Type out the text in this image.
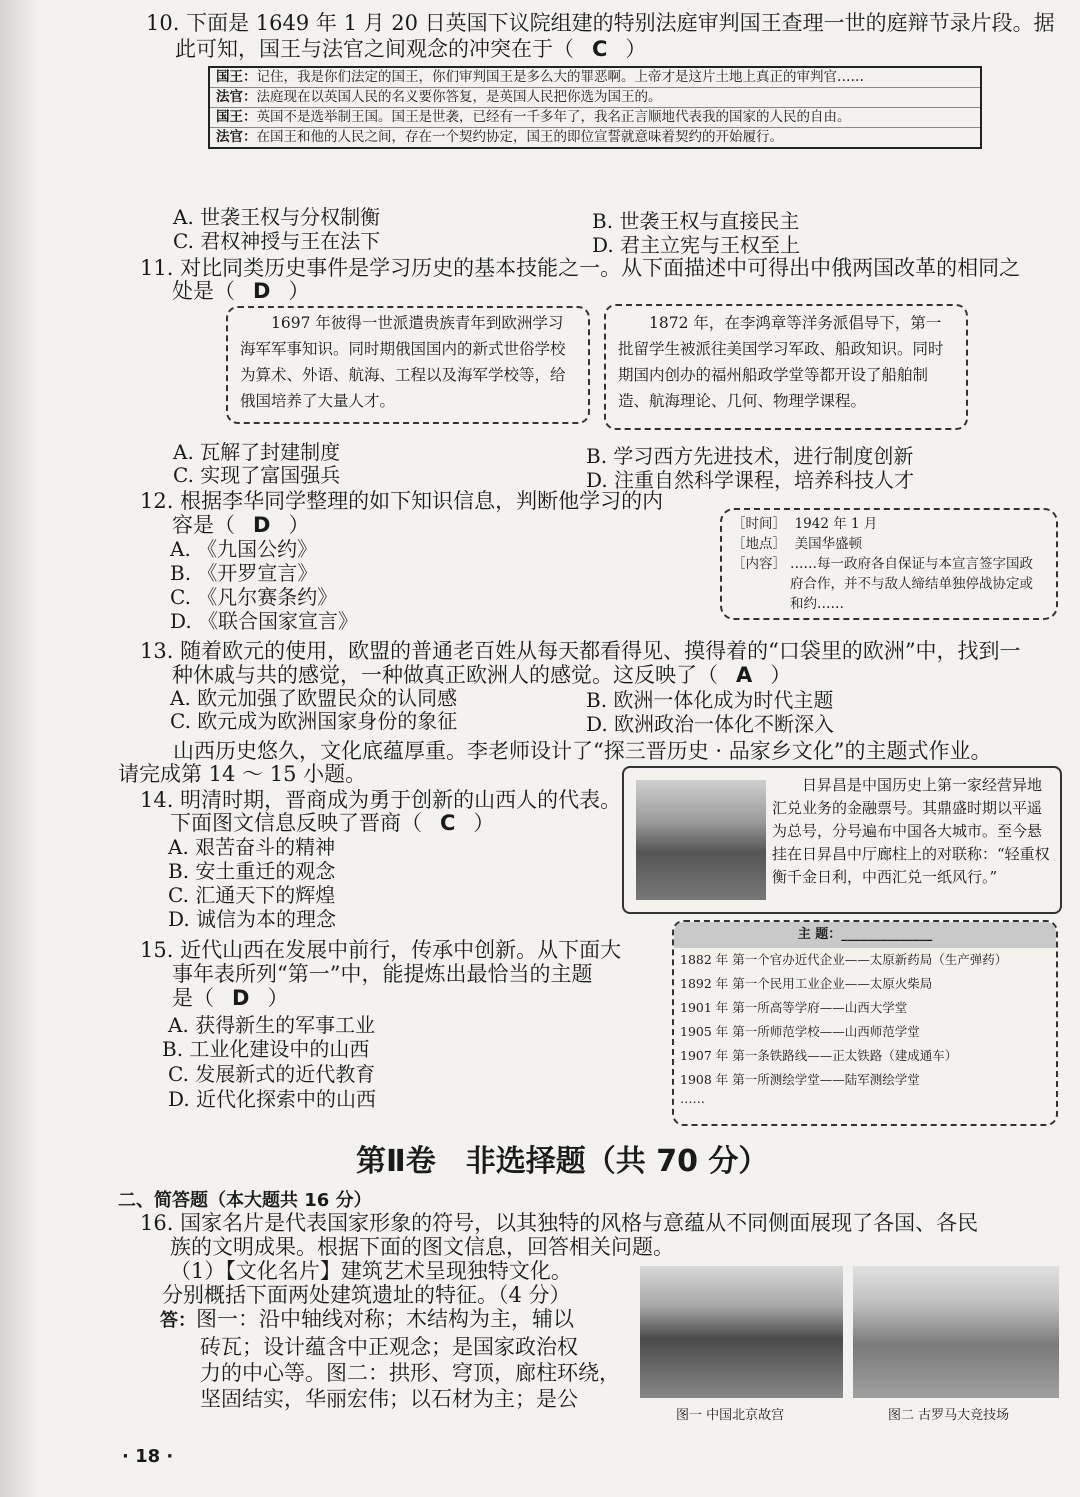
10. 下面是 1649 年 1 月 20 日英国下议院组建的特别法庭审判国王查理一世的庭辩节录片段。据
此可知，国王与法官之间观念的冲突在于（ C ）
国王： 记住，我是你们法定的国王，你们审判国王是多么大的罪恶啊。上帝才是这片土地上真正的审判官……
法官： 法庭现在以英国人民的名义要你答复，是英国人民把你选为国王的。
国王： 英国不是选举制王国。国王是世袭，已经有一千多年了，我名正言顺地代表我的国家的人民的自由。
法官： 在国王和他的人民之间，存在一个契约协定，国王的即位宣誓就意味着契约的开始履行。
A. 世袭王权与分权制衡	B. 世袭王权与直接民主
C. 君权神授与王在法下	D. 君主立宪与王权至上
11. 对比同类历史事件是学习历史的基本技能之一。从下面描述中可得出中俄两国改革的相同之
处是（ D ）

1697 年彼得一世派遣贵族青年到欧洲学习海军军事知识。同时期俄国国内的新式世俗学校为算术、外语、航海、工程以及海军学校等，给俄国培养了大量人才。

1872 年，在李鸿章等洋务派倡导下，第一批留学生被派往美国学习军政、船政知识。同时期国内创办的福州船政学堂等都开设了船舶制造、航海理论、几何、物理学课程。

A. 瓦解了封建制度	B. 学习西方先进技术，进行制度创新
C. 实现了富国强兵	D. 注重自然科学课程，培养科技人才
12. 根据李华同学整理的如下知识信息，判断他学习的内
容是（ D ）
A. 《九国公约》
B. 《开罗宣言》
C. 《凡尔赛条约》
D. 《联合国家宣言》
［时间］ 1942 年 1 月
［地点］ 美国华盛顿
［内容］ ……每一政府各自保证与本宣言签字国政府合作，并不与敌人缔结单独停战协定或和约……
13. 随着欧元的使用，欧盟的普通老百姓从每天都看得见、摸得着的“口袋里的欧洲”中，找到一
种休戚与共的感觉，一种做真正欧洲人的感觉。这反映了（ A ）
A. 欧元加强了欧盟民众的认同感	B. 欧洲一体化成为时代主题
C. 欧元成为欧洲国家身份的象征	D. 欧洲政治一体化不断深入
山西历史悠久，文化底蕴厚重。李老师设计了“探三晋历史 · 品家乡文化”的主题式作业。
请完成第 14 ～ 15 小题。
14. 明清时期，晋商成为勇于创新的山西人的代表。
下面图文信息反映了晋商（ C ）
A. 艰苦奋斗的精神
B. 安土重迁的观念
C. 汇通天下的辉煌
D. 诚信为本的理念
日昇昌是中国历史上第一家经营异地汇兑业务的金融票号。其鼎盛时期以平遥为总号，分号遍布中国各大城市。至今悬挂在日昇昌中厅廊柱上的对联称：“轻重权衡千金日利，中西汇兑一纸风行。”
15. 近代山西在发展中前行，传承中创新。从下面大
事年表所列“第一”中，能提炼出最恰当的主题
是（ D ）
A. 获得新生的军事工业
B. 工业化建设中的山西
C. 发展新式的近代教育
D. 近代化探索中的山西
主 题：______________
1882 年 第一个官办近代企业——太原新药局（生产弹药）
1892 年 第一个民用工业企业——太原火柴局
1901 年 第一所高等学府——山西大学堂
1905 年 第一所师范学校——山西师范学堂
1907 年 第一条铁路线——正太铁路（建成通车）
1908 年 第一所测绘学堂——陆军测绘学堂
……
第Ⅱ卷　非选择题（共 70 分）
二、简答题（本大题共 16 分）
16. 国家名片是代表国家形象的符号，以其独特的风格与意蕴从不同侧面展现了各国、各民
族的文明成果。根据下面的图文信息，回答相关问题。
（1）【文化名片】建筑艺术呈现独特文化。
分别概括下面两处建筑遗址的特征。（4 分）
答：图一：沿中轴线对称；木结构为主，辅以
砖瓦；设计蕴含中正观念；是国家政治权
力的中心等。图二：拱形、穹顶，廊柱环绕，
坚固结实，华丽宏伟；以石材为主；是公
图一 中国北京故宫	图二 古罗马大竞技场
· 18 ·
